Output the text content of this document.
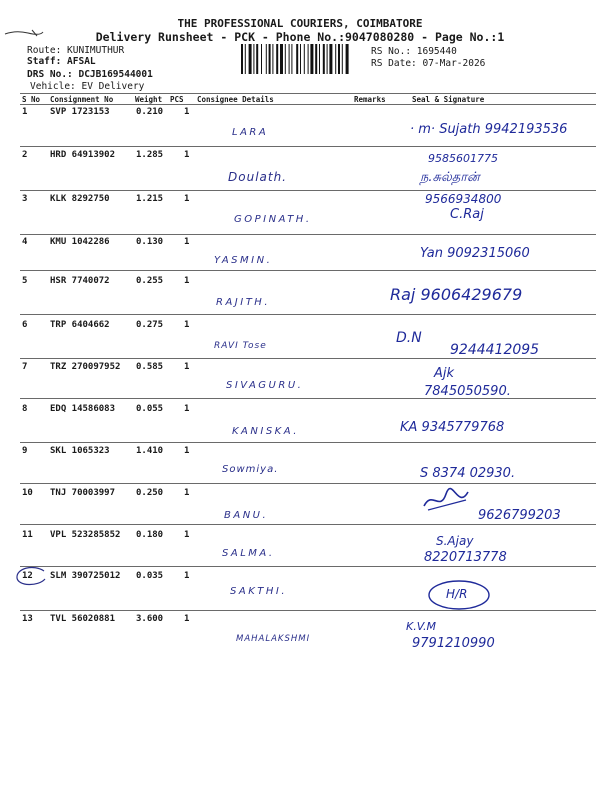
THE PROFESSIONAL COURIERS, COIMBATORE
Delivery Runsheet - PCK - Phone No.:9047080280 - Page No.:1
Route: KUNIMUTHUR
Staff: AFSAL
DRS No.: DCJB169544001
Vehicle: EV Delivery
RS No.: 1695440
RS Date: 07-Mar-2026
S No Consignment No	Weight PCS Consignee Details	Remarks	Seal & Signature
1	SVP 1723153	0.210 1
LARA	· m· Sujath 9942193536
2	HRD 64913902 1.285 1
Doulath.
9585601775
ந.சுல்தான்
3	KLK 8292750	1.215 1
GOPINATH.
9566934800
C.Raj
4	KMU 1042286	0.130 1
YASMIN.	Yan 9092315060
5	HSR 7740072	0.255 1
RAJITH.	Raj 9606429679
6	TRP 6404662	0.275 1
RAVI Tose	D.N
9244412095
7	TRZ 270097952 0.585 1
SIVAGURU.
Ajk
7845050590.
8	EDQ 14586083 0.055 1
KANISKA.	KA 9345779768
9	SKL 1065323	1.410 1
Sowmiya.	S 8374 02930.
10 TNJ 70003997 0.250 1
BANU.	9626799203
11 VPL 523285852 0.180 1
SALMA.
S.Ajay
8220713778
12 SLM 390725012 0.035 1
SAKTHI.	H/R
13 TVL 56020881 3.600 1
MAHALAKSHMI
K.V.M
9791210990
